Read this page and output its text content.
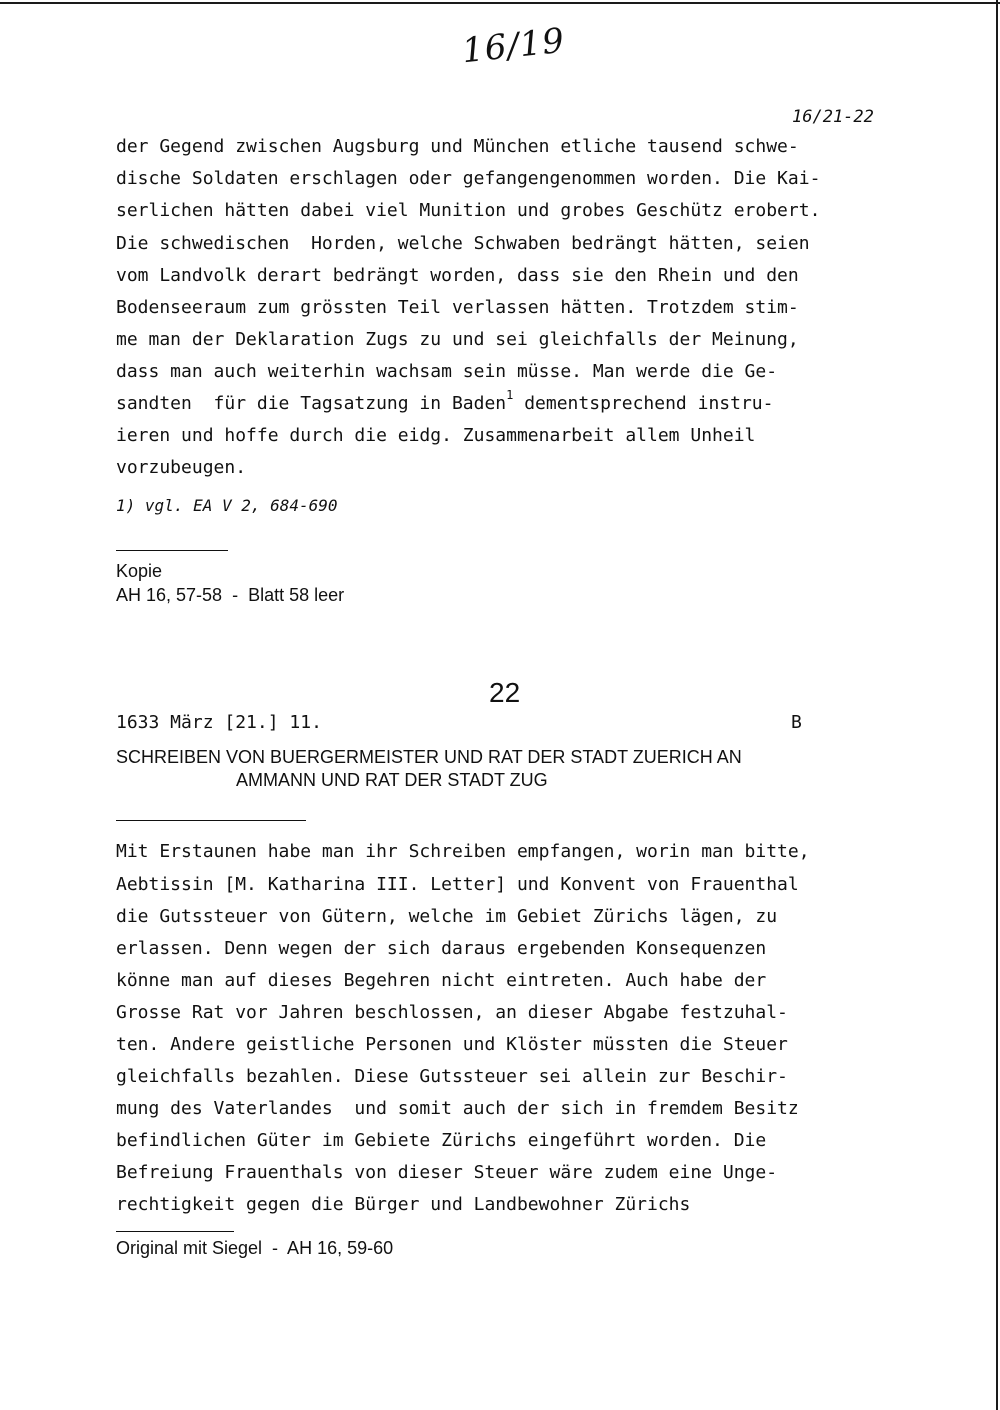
16/19
16/21-22
der Gegend zwischen Augsburg und München etliche tausend schwe-
dische Soldaten erschlagen oder gefangengenommen worden. Die Kai-
serlichen hätten dabei viel Munition und grobes Geschütz erobert.
Die schwedischen  Horden, welche Schwaben bedrängt hätten, seien
vom Landvolk derart bedrängt worden, dass sie den Rhein und den
Bodenseeraum zum grössten Teil verlassen hätten. Trotzdem stim-
me man der Deklaration Zugs zu und sei gleichfalls der Meinung,
dass man auch weiterhin wachsam sein müsse. Man werde die Ge-
sandten  für die Tagsatzung in Baden$^1$ dementsprechend instru-
ieren und hoffe durch die eidg. Zusammenarbeit allem Unheil
vorzubeugen.
1) vgl. EA V 2, 684-690
Kopie
AH 16, 57-58  -  Blatt 58 leer
22
1633 März [21.] 11.	B
SCHREIBEN VON BUERGERMEISTER UND RAT DER STADT ZUERICH AN
AMMANN UND RAT DER STADT ZUG
Mit Erstaunen habe man ihr Schreiben empfangen, worin man bitte,
Aebtissin [M. Katharina III. Letter] und Konvent von Frauenthal
die Gutssteuer von Gütern, welche im Gebiet Zürichs lägen, zu
erlassen. Denn wegen der sich daraus ergebenden Konsequenzen
könne man auf dieses Begehren nicht eintreten. Auch habe der
Grosse Rat vor Jahren beschlossen, an dieser Abgabe festzuhal-
ten. Andere geistliche Personen und Klöster müssten die Steuer
gleichfalls bezahlen. Diese Gutssteuer sei allein zur Beschir-
mung des Vaterlandes  und somit auch der sich in fremdem Besitz
befindlichen Güter im Gebiete Zürichs eingeführt worden. Die
Befreiung Frauenthals von dieser Steuer wäre zudem eine Unge-
rechtigkeit gegen die Bürger und Landbewohner Zürichs
Original mit Siegel  -  AH 16, 59-60
